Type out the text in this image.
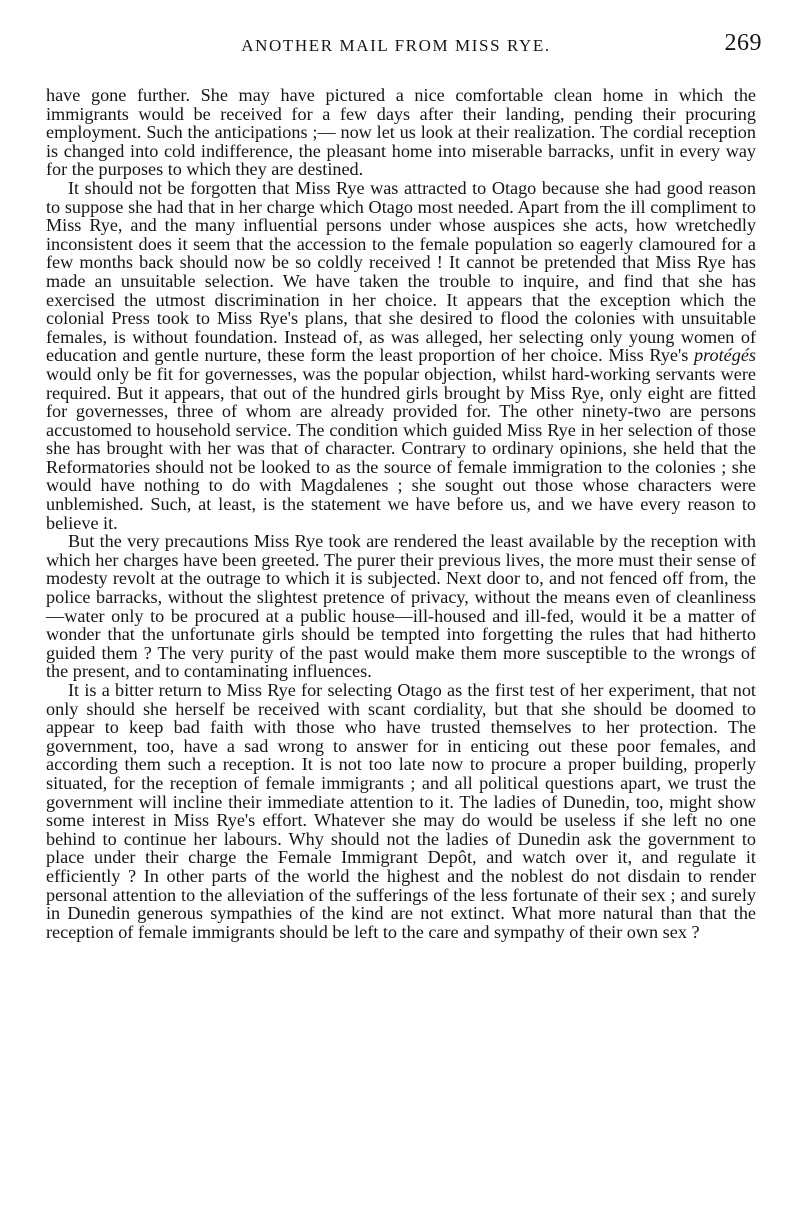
ANOTHER MAIL FROM MISS RYE.	269

have gone further. She may have pictured a nice comfortable clean home in which the immigrants would be received for a few days after their landing, pending their procuring employment. Such the anticipations ;— now let us look at their realization. The cordial reception is changed into cold indifference, the pleasant home into miserable barracks, unfit in every way for the purposes to which they are destined.

It should not be forgotten that Miss Rye was attracted to Otago because she had good reason to suppose she had that in her charge which Otago most needed. Apart from the ill compliment to Miss Rye, and the many influential persons under whose auspices she acts, how wretchedly inconsistent does it seem that the accession to the female population so eagerly clamoured for a few months back should now be so coldly received ! It cannot be pretended that Miss Rye has made an unsuitable selection. We have taken the trouble to inquire, and find that she has exercised the utmost discrimination in her choice. It appears that the exception which the colonial Press took to Miss Rye's plans, that she desired to flood the colonies with unsuitable females, is without foundation. Instead of, as was alleged, her selecting only young women of education and gentle nurture, these form the least proportion of her choice. Miss Rye's protégés would only be fit for governesses, was the popular objection, whilst hard-working servants were required. But it appears, that out of the hundred girls brought by Miss Rye, only eight are fitted for governesses, three of whom are already provided for. The other ninety-two are persons accustomed to household service. The condition which guided Miss Rye in her selection of those she has brought with her was that of character. Contrary to ordinary opinions, she held that the Reformatories should not be looked to as the source of female immigration to the colonies ; she would have nothing to do with Magdalenes ; she sought out those whose characters were unblemished. Such, at least, is the statement we have before us, and we have every reason to believe it.

But the very precautions Miss Rye took are rendered the least available by the reception with which her charges have been greeted. The purer their previous lives, the more must their sense of modesty revolt at the outrage to which it is subjected. Next door to, and not fenced off from, the police barracks, without the slightest pretence of privacy, without the means even of cleanliness—water only to be procured at a public house—ill-housed and ill-fed, would it be a matter of wonder that the unfortunate girls should be tempted into forgetting the rules that had hitherto guided them ? The very purity of the past would make them more susceptible to the wrongs of the present, and to contaminating influences.

It is a bitter return to Miss Rye for selecting Otago as the first test of her experiment, that not only should she herself be received with scant cordiality, but that she should be doomed to appear to keep bad faith with those who have trusted themselves to her protection. The government, too, have a sad wrong to answer for in enticing out these poor females, and according them such a reception. It is not too late now to procure a proper building, properly situated, for the reception of female immigrants ; and all political questions apart, we trust the government will incline their immediate attention to it. The ladies of Dunedin, too, might show some interest in Miss Rye's effort. Whatever she may do would be useless if she left no one behind to continue her labours. Why should not the ladies of Dunedin ask the government to place under their charge the Female Immigrant Depôt, and watch over it, and regulate it efficiently ? In other parts of the world the highest and the noblest do not disdain to render personal attention to the alleviation of the sufferings of the less fortunate of their sex ; and surely in Dunedin generous sympathies of the kind are not extinct. What more natural than that the reception of female immigrants should be left to the care and sympathy of their own sex ?
